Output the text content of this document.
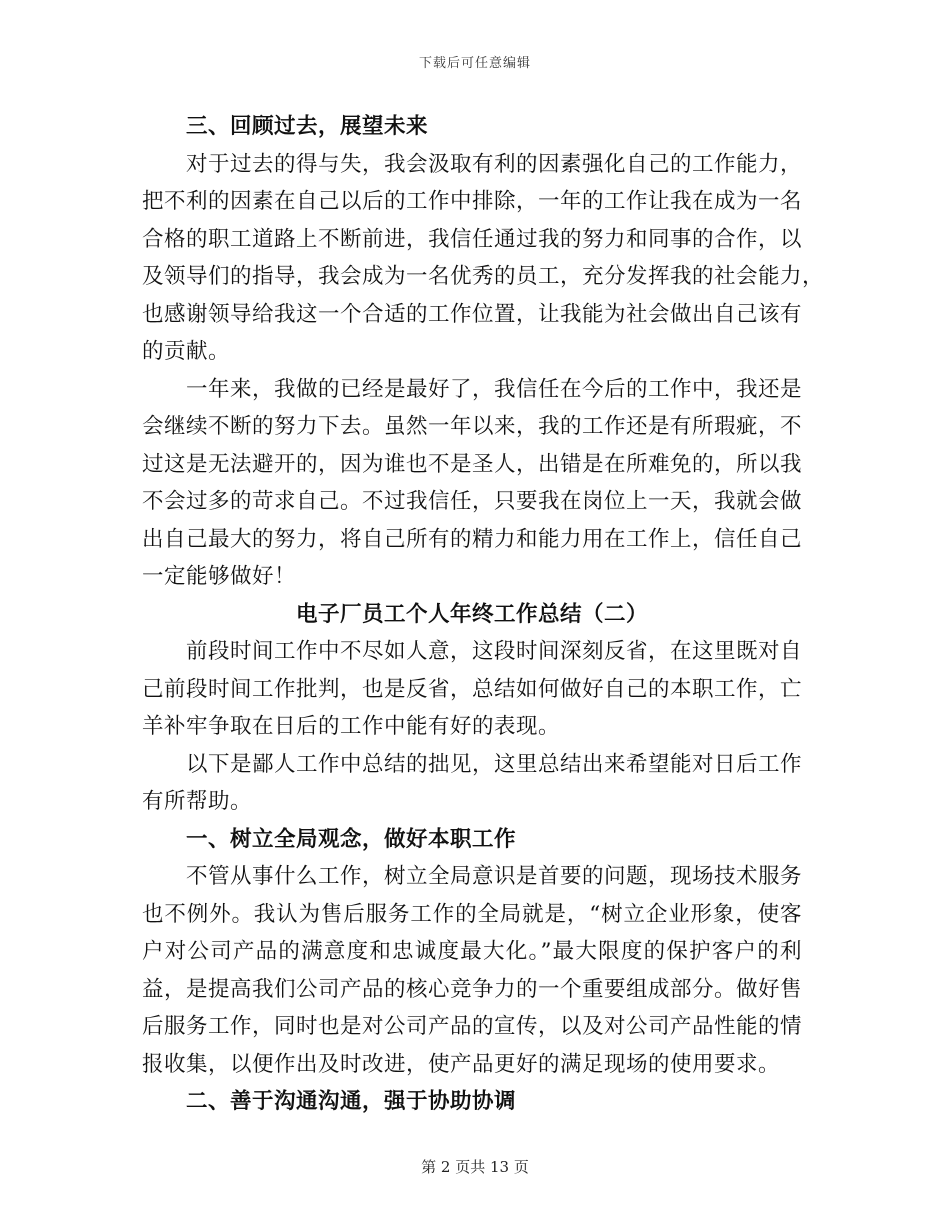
下载后可任意编辑
三、回顾过去，展望未来
对于过去的得与失，我会汲取有利的因素强化自己的工作能力，
把不利的因素在自己以后的工作中排除，一年的工作让我在成为一名
合格的职工道路上不断前进，我信任通过我的努力和同事的合作，以
及领导们的指导，我会成为一名优秀的员工，充分发挥我的社会能力，
也感谢领导给我这一个合适的工作位置，让我能为社会做出自己该有
的贡献。
一年来，我做的已经是最好了，我信任在今后的工作中，我还是
会继续不断的努力下去。虽然一年以来，我的工作还是有所瑕疵，不
过这是无法避开的，因为谁也不是圣人，出错是在所难免的，所以我
不会过多的苛求自己。不过我信任，只要我在岗位上一天，我就会做
出自己最大的努力，将自己所有的精力和能力用在工作上，信任自己
一定能够做好！
电子厂员工个人年终工作总结（二）
前段时间工作中不尽如人意，这段时间深刻反省，在这里既对自
己前段时间工作批判，也是反省，总结如何做好自己的本职工作，亡
羊补牢争取在日后的工作中能有好的表现。
以下是鄙人工作中总结的拙见，这里总结出来希望能对日后工作
有所帮助。
一、树立全局观念，做好本职工作
不管从事什么工作，树立全局意识是首要的问题，现场技术服务
也不例外。我认为售后服务工作的全局就是，“树立企业形象，使客
户对公司产品的满意度和忠诚度最大化。”最大限度的保护客户的利
益，是提高我们公司产品的核心竞争力的一个重要组成部分。做好售
后服务工作，同时也是对公司产品的宣传，以及对公司产品性能的情
报收集，以便作出及时改进，使产品更好的满足现场的使用要求。
二、善于沟通沟通，强于协助协调
第 2 页共 13 页
